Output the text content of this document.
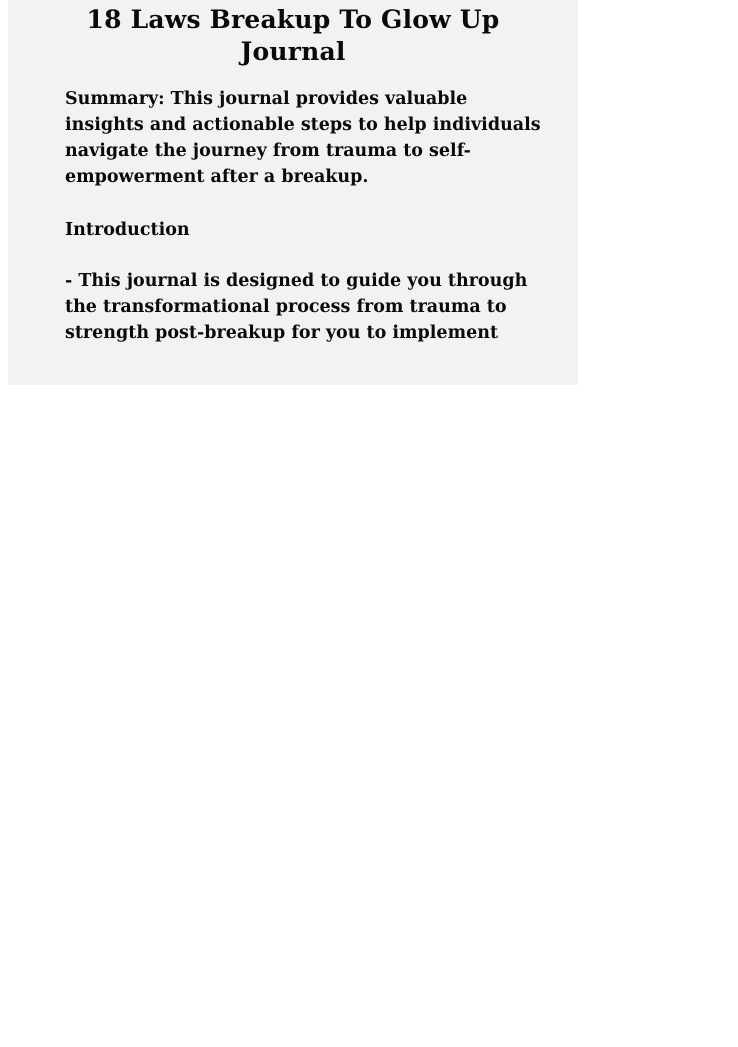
18 Laws Breakup To Glow Up Journal
Summary: This journal provides valuable insights and actionable steps to help individuals navigate the journey from trauma to self-empowerment after a breakup.
Introduction
- This journal is designed to guide you through the transformational process from trauma to strength post-breakup for you to implement
